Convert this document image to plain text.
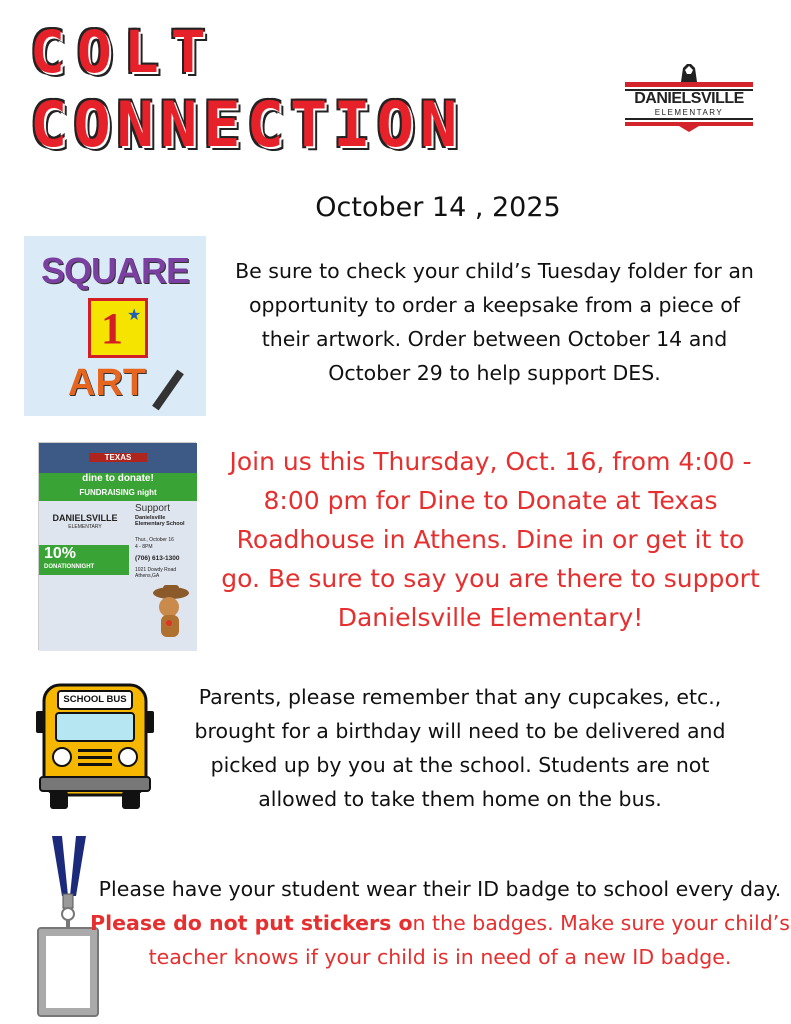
COLT
CONNECTION	DANIELSVILLE
ELEMENTARY
October 14 , 2025
SQUARE
1 ★
ART
Be sure to check your child’s Tuesday folder for an opportunity to order a keepsake from a piece of their artwork. Order between October 14 and October 29 to help support DES.
TEXAS
dine to donate!
FUNDRAISING night
DANIELSVILLE
ELEMENTARY
Support
Danielsville Elementary School
Thur., October 16
4 - 8PM
(706) 613-1300
1021 Dowdy Road Athens,GA
10%
DONATIONNIGHT
Join us this Thursday, Oct. 16, from 4:00 - 8:00 pm for Dine to Donate at Texas Roadhouse in Athens. Dine in or get it to go. Be sure to say you are there to support Danielsville Elementary!
SCHOOL BUS	Parents, please remember that any cupcakes, etc., brought for a birthday will need to be delivered and picked up by you at the school. Students are not allowed to take them home on the bus.
Please have your student wear their ID badge to school every day. Please do not put stickers on the badges. Make sure your child’s teacher knows if your child is in need of a new ID badge.
